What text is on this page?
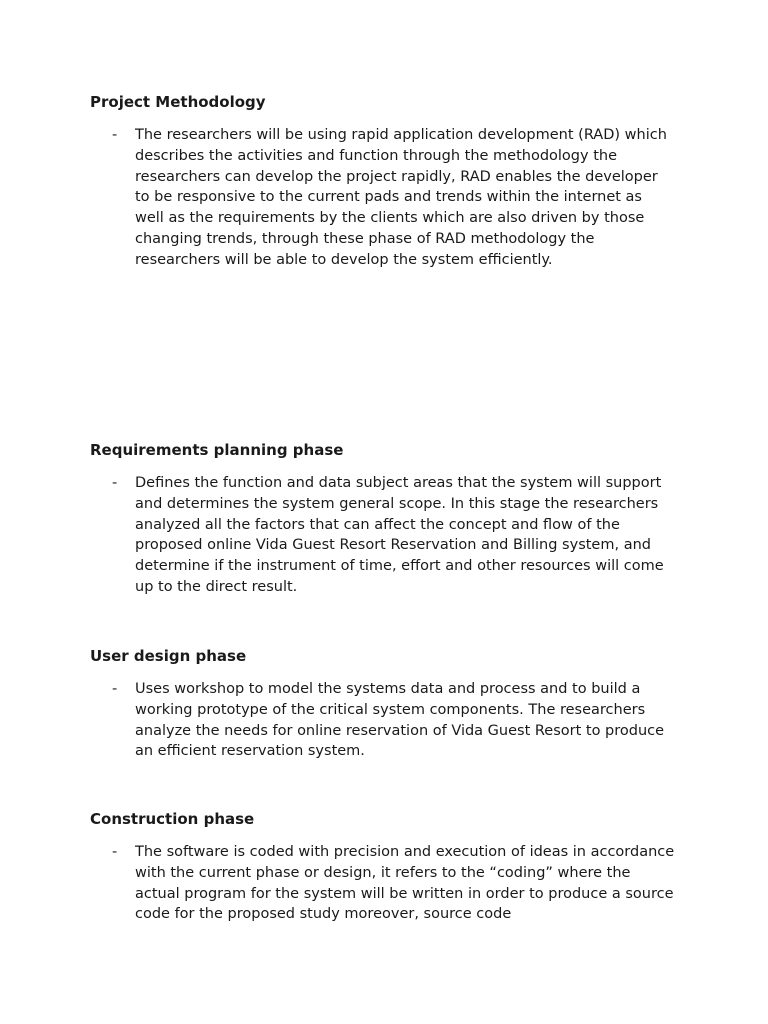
Project Methodology
- The researchers will be using rapid application development (RAD) which describes the activities and function through the methodology the researchers can develop the project rapidly, RAD enables the developer to be responsive to the current pads and trends within the internet as well as the requirements by the clients which are also driven by those changing trends, through these phase of RAD methodology the researchers will be able to develop the system efficiently.
Requirements planning phase
- Defines the function and data subject areas that the system will support and determines the system general scope. In this stage the researchers analyzed all the factors that can affect the concept and flow of the proposed online Vida Guest Resort Reservation and Billing system, and determine if the instrument of time, effort and other resources will come up to the direct result.
User design phase
- Uses workshop to model the systems data and process and to build a working prototype of the critical system components. The researchers analyze the needs for online reservation of Vida Guest Resort to produce an efficient reservation system.
Construction phase
- The software is coded with precision and execution of ideas in accordance with the current phase or design, it refers to the “coding” where the actual program for the system will be written in order to produce a source code for the proposed study moreover, source code
